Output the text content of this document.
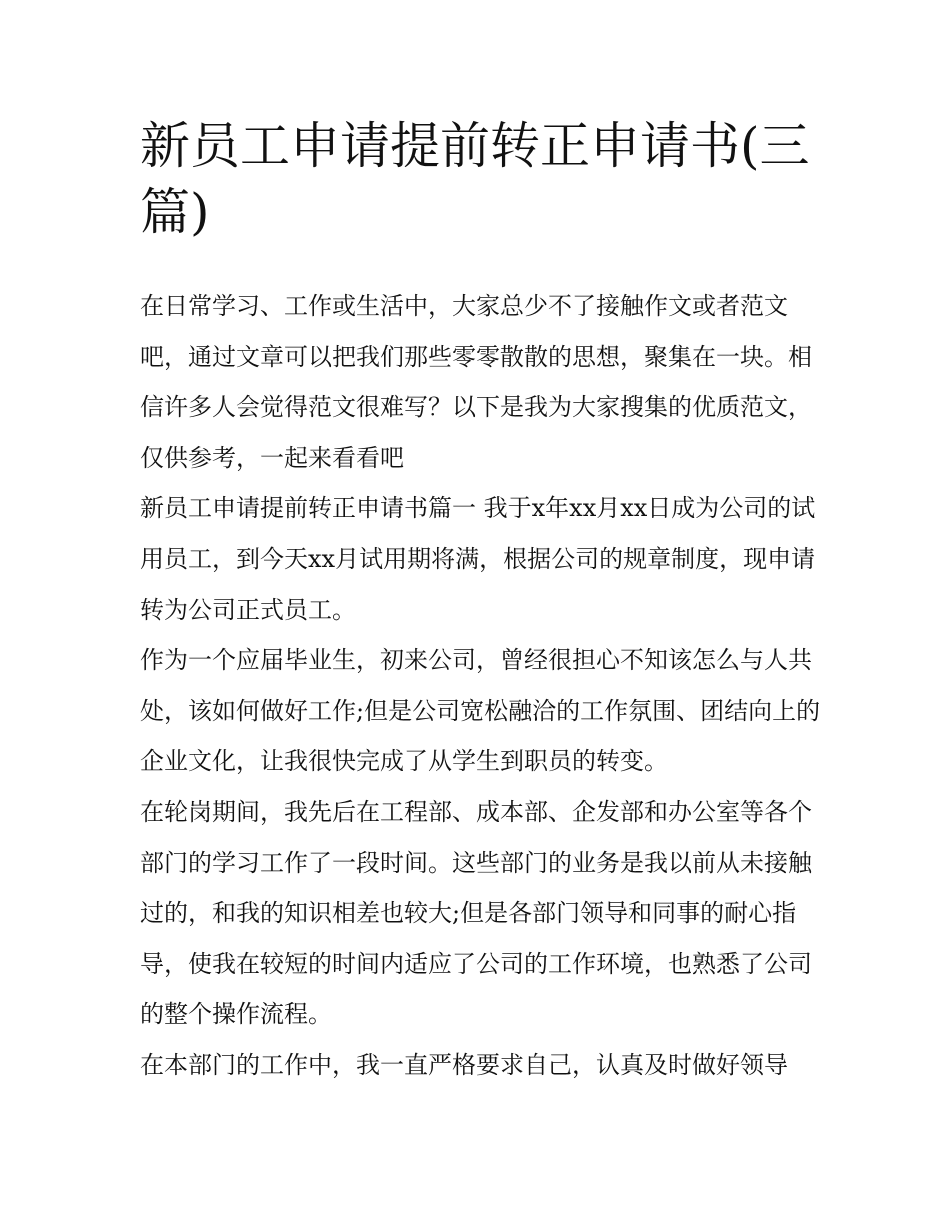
新员工申请提前转正申请书(三篇)

在日常学习、工作或生活中，大家总少不了接触作文或者范文吧，通过文章可以把我们那些零零散散的思想，聚集在一块。相信许多人会觉得范文很难写？以下是我为大家搜集的优质范文，仅供参考，一起来看看吧

新员工申请提前转正申请书篇一 我于x年xx月xx日成为公司的试用员工，到今天xx月试用期将满，根据公司的规章制度，现申请转为公司正式员工。

作为一个应届毕业生，初来公司，曾经很担心不知该怎么与人共处，该如何做好工作;但是公司宽松融洽的工作氛围、团结向上的企业文化，让我很快完成了从学生到职员的转变。

在轮岗期间，我先后在工程部、成本部、企发部和办公室等各个部门的学习工作了一段时间。这些部门的业务是我以前从未接触过的，和我的知识相差也较大;但是各部门领导和同事的耐心指导，使我在较短的时间内适应了公司的工作环境，也熟悉了公司的整个操作流程。

在本部门的工作中，我一直严格要求自己，认真及时做好领导
